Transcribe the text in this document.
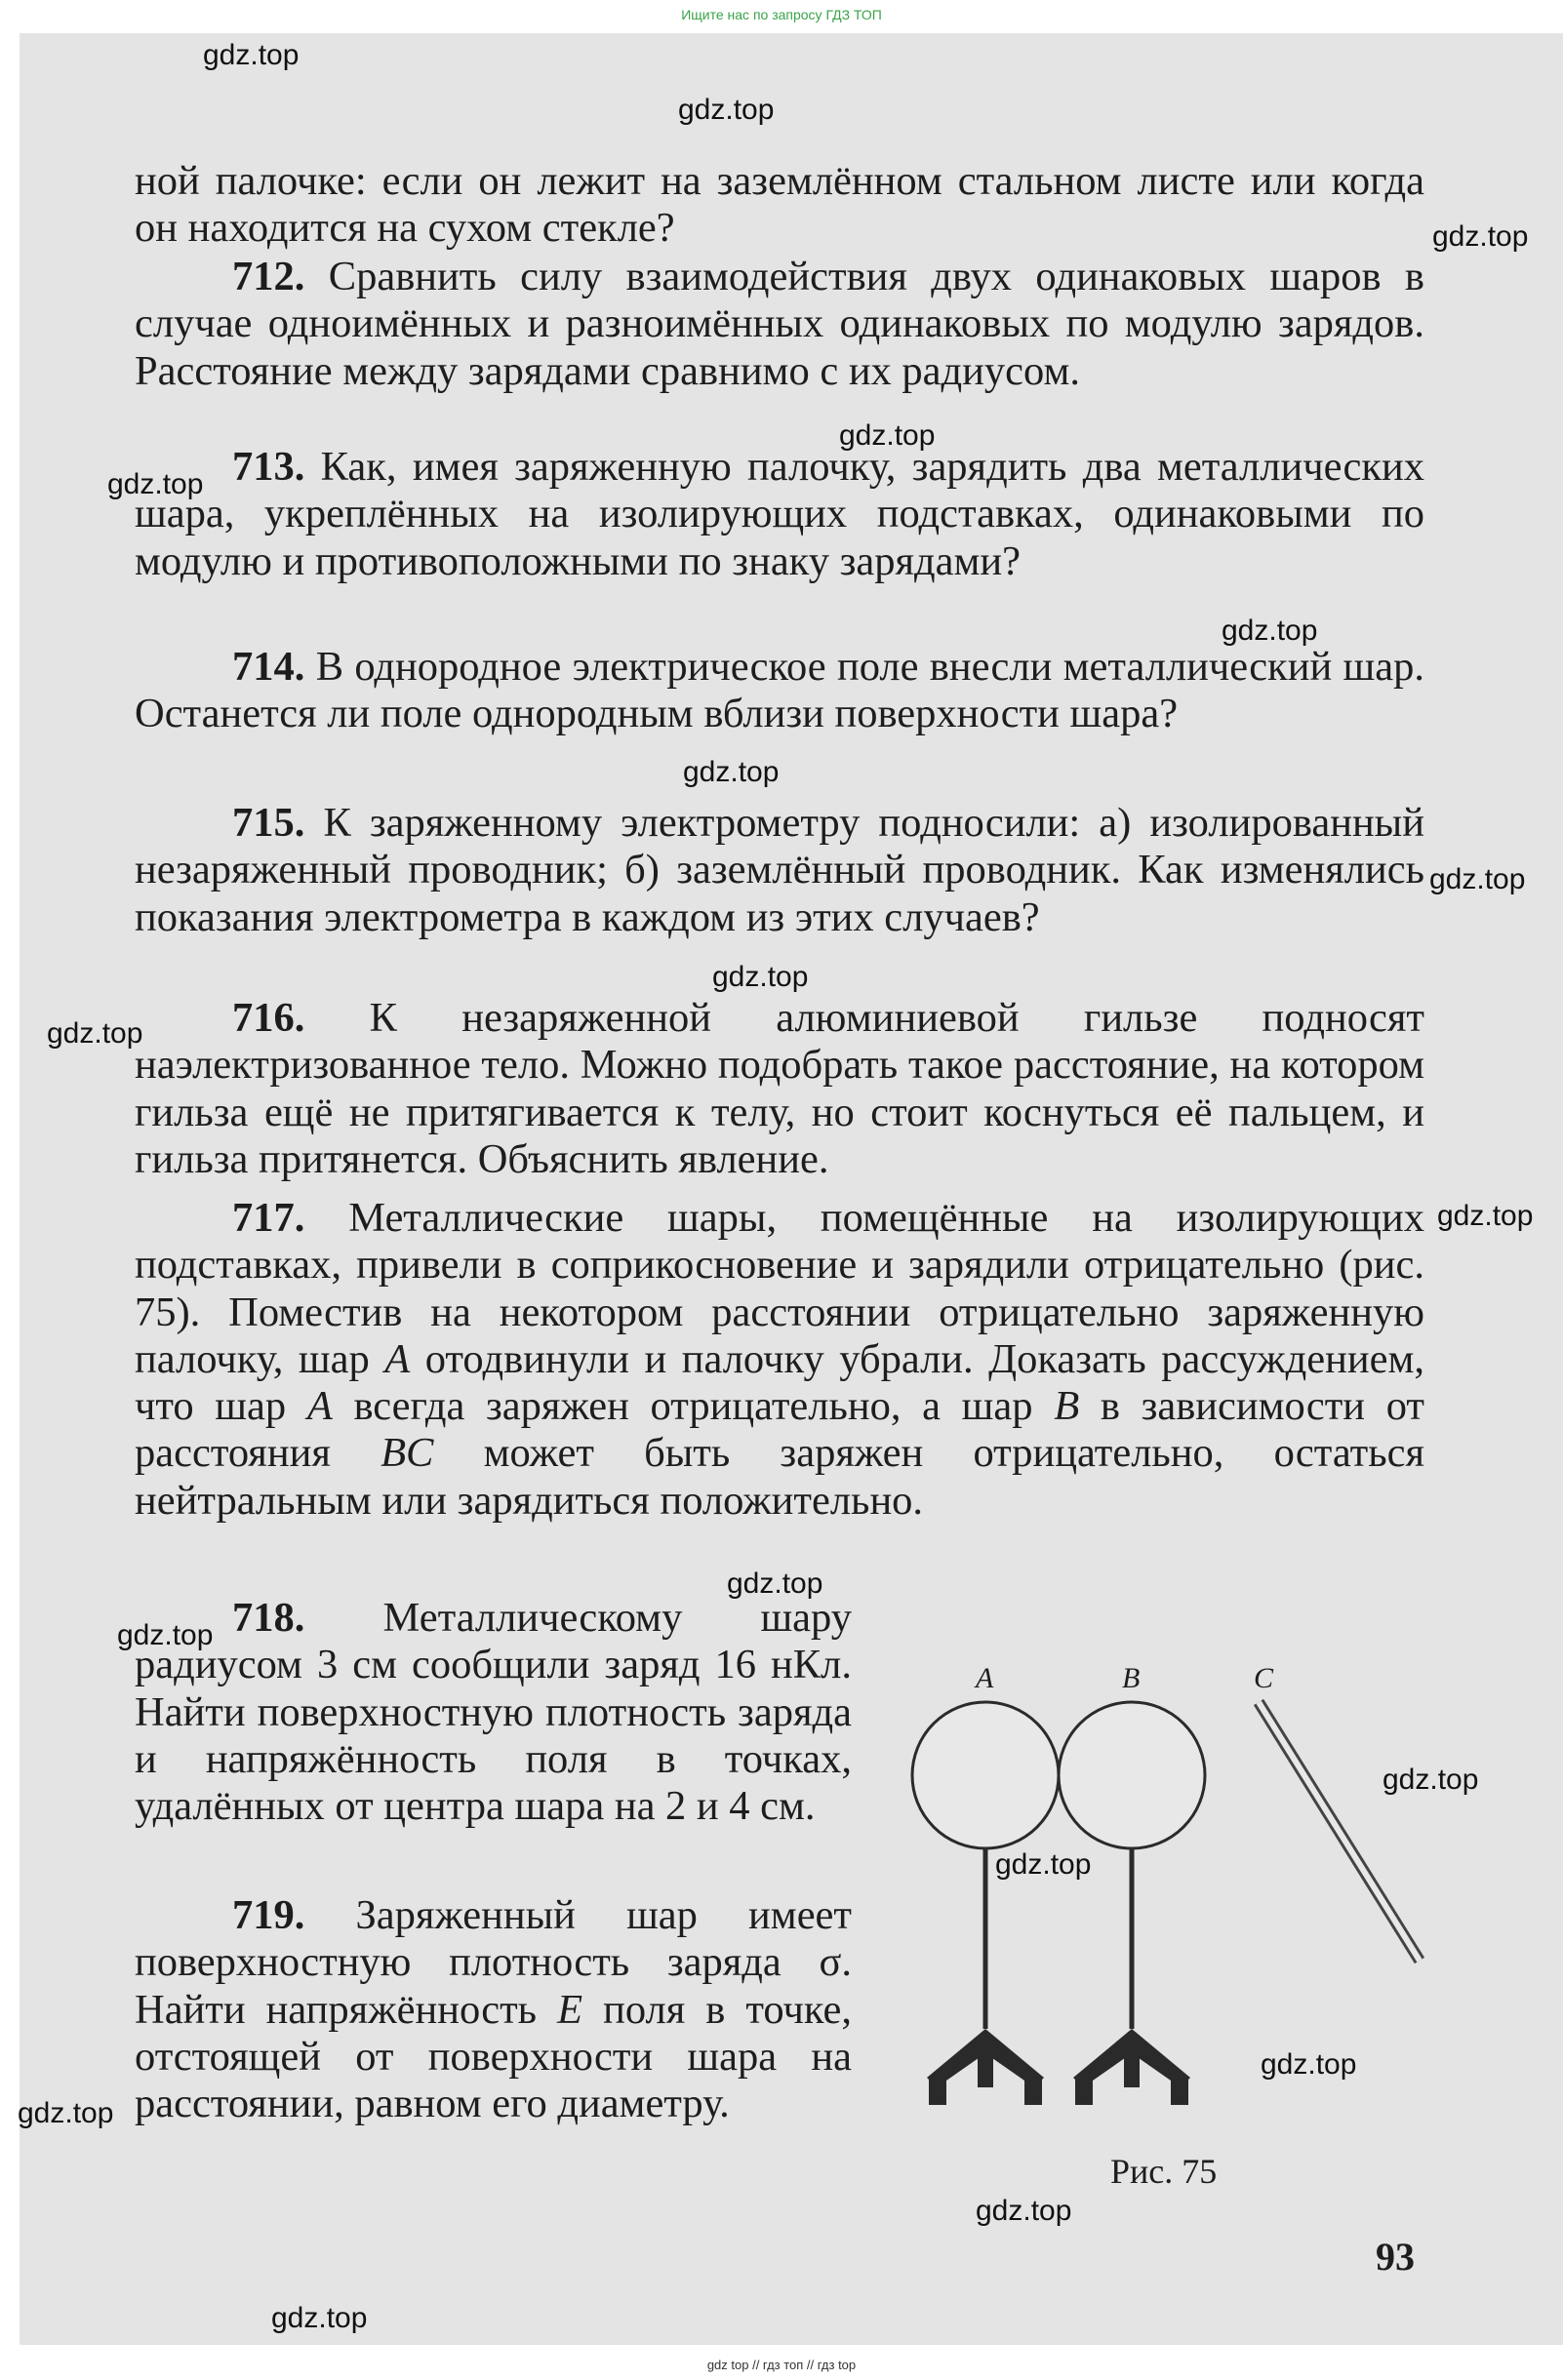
Ищите нас по запросу ГДЗ ТОП

ной палочке: если он лежит на заземлённом стальном листе или когда он находится на сухом стекле?

712. Сравнить силу взаимодействия двух одинаковых шаров в случае одноимённых и разноимённых одинаковых по модулю зарядов. Расстояние между зарядами сравнимо с их радиусом.

713. Как, имея заряженную палочку, зарядить два металлических шара, укреплённых на изолирующих подставках, одинаковыми по модулю и противоположными по знаку зарядами?

714. В однородное электрическое поле внесли металлический шар. Останется ли поле однородным вблизи поверхности шара?

715. К заряженному электрометру подносили: а) изолированный незаряженный проводник; б) заземлённый проводник. Как изменялись показания электрометра в каждом из этих случаев?

716. К незаряженной алюминиевой гильзе подносят наэлектризованное тело. Можно подобрать такое расстояние, на котором гильза ещё не притягивается к телу, но стоит коснуться её пальцем, и гильза притянется. Объяснить явление.

717. Металлические шары, помещённые на изолирующих подставках, привели в соприкосновение и зарядили отрицательно (рис. 75). Поместив на некотором расстоянии отрицательно заряженную палочку, шар A отодвинули и палочку убрали. Доказать рассуждением, что шар A всегда заряжен отрицательно, а шар B в зависимости от расстояния BC может быть заряжен отрицательно, остаться нейтральным или зарядиться положительно.

718. Металлическому шару радиусом 3 см сообщили заряд 16 нКл. Найти поверхностную плотность заряда и напряжённость поля в точках, удалённых от центра шара на 2 и 4 см.

719. Заряженный шар имеет поверхностную плотность заряда σ. Найти напряжённость E поля в точке, отстоящей от поверхности шара на расстоянии, равном его диаметру.

A	B	C
Рис. 75
93
gdz.top
gdz.top
gdz.top
gdz.top
gdz.top
gdz.top
gdz.top
gdz.top
gdz.top
gdz.top
gdz.top
gdz.top
gdz.top
gdz.top
gdz.top
gdz.top
gdz.top
gdz.top
gdz.top
gdz top // гдз топ // гдз top
